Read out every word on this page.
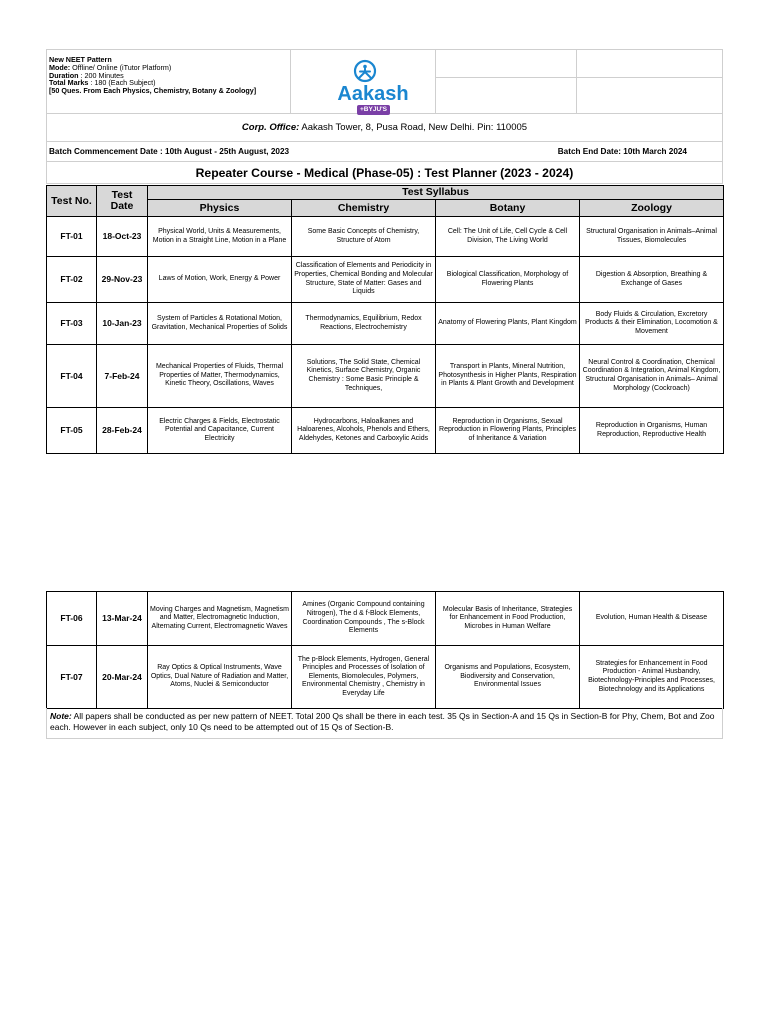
New NEET Pattern
Mode: Offline/ Online (iTutor Platform)
Duration : 200 Minutes
Total Marks : 180 (Each Subject)
[50 Ques. From Each Physics, Chemistry, Botany & Zoology]	Aakash
+BYJU'S
Corp. Office: Aakash Tower, 8, Pusa Road, New Delhi. Pin: 110005
Batch Commencement Date : 10th August - 25th August, 2023	Batch End Date: 10th March 2024
Repeater Course - Medical (Phase-05) : Test Planner (2023 - 2024)
Test No.	Test Date	Test Syllabus			
		Physics	Chemistry	Botany	Zoology
FT-01	18-Oct-23	Physical World, Units & Measurements, Motion in a Straight Line, Motion in a Plane	Some Basic Concepts of Chemistry, Structure of Atom	Cell: The Unit of Life, Cell Cycle & Cell Division, The Living World	Structural Organisation in Animals–Animal Tissues, Biomolecules
FT-02	29-Nov-23	Laws of Motion, Work, Energy & Power	Classification of Elements and Periodicity in Properties, Chemical Bonding and Molecular Structure, State of Matter: Gases and Liquids	Biological Classification, Morphology of Flowering Plants	Digestion & Absorption, Breathing & Exchange of Gases
FT-03	10-Jan-23	System of Particles & Rotational Motion, Gravitation, Mechanical Properties of Solids	Thermodynamics, Equilibrium, Redox Reactions, Electrochemistry	Anatomy of Flowering Plants, Plant Kingdom	Body Fluids & Circulation, Excretory Products & their Elimination, Locomotion & Movement
FT-04	7-Feb-24	Mechanical Properties of Fluids, Thermal Properties of Matter, Thermodynamics, Kinetic Theory, Oscillations, Waves	Solutions, The Solid State, Chemical Kinetics, Surface Chemistry, Organic Chemistry : Some Basic Principle & Techniques,	Transport in Plants, Mineral Nutrition, Photosynthesis in Higher Plants, Respiration in Plants & Plant Growth and Development	Neural Control & Coordination, Chemical Coordination & Integration, Animal Kingdom, Structural Organisation in Animals– Animal Morphology (Cockroach)
FT-05	28-Feb-24	Electric Charges & Fields, Electrostatic Potential and Capacitance, Current Electricity	Hydrocarbons, Haloalkanes and Haloarenes, Alcohols, Phenols and Ethers, Aldehydes, Ketones and Carboxylic Acids	Reproduction in Organisms, Sexual Reproduction in Flowering Plants, Principles of Inheritance & Variation	Reproduction in Organisms, Human Reproduction, Reproductive Health
FT-06	13-Mar-24	Moving Charges and Magnetism, Magnetism and Matter, Electromagnetic Induction, Alternating Current, Electromagnetic Waves	Amines (Organic Compound containing Nitrogen), The d & f-Block Elements, Coordination Compounds , The s-Block Elements	Molecular Basis of Inheritance, Strategies for Enhancement in Food Production, Microbes in Human Welfare	Evolution, Human Health & Disease
FT-07	20-Mar-24	Ray Optics & Optical Instruments, Wave Optics, Dual Nature of Radiation and Matter, Atoms, Nuclei & Semiconductor	The p-Block Elements, Hydrogen, General Principles and Processes of Isolation of Elements, Biomolecules, Polymers, Environmental Chemistry , Chemistry in Everyday Life	Organisms and Populations, Ecosystem, Biodiversity and Conservation, Environmental Issues	Strategies for Enhancement in Food Production - Animal Husbandry, Biotechnology-Principles and Processes, Biotechnology and its Applications
Note: All papers shall be conducted as per new pattern of NEET. Total 200 Qs shall be there in each test. 35 Qs in Section-A and 15 Qs in Section-B for Phy, Chem, Bot and Zoo each. However in each subject, only 10 Qs need to be attempted out of 15 Qs of Section-B.
